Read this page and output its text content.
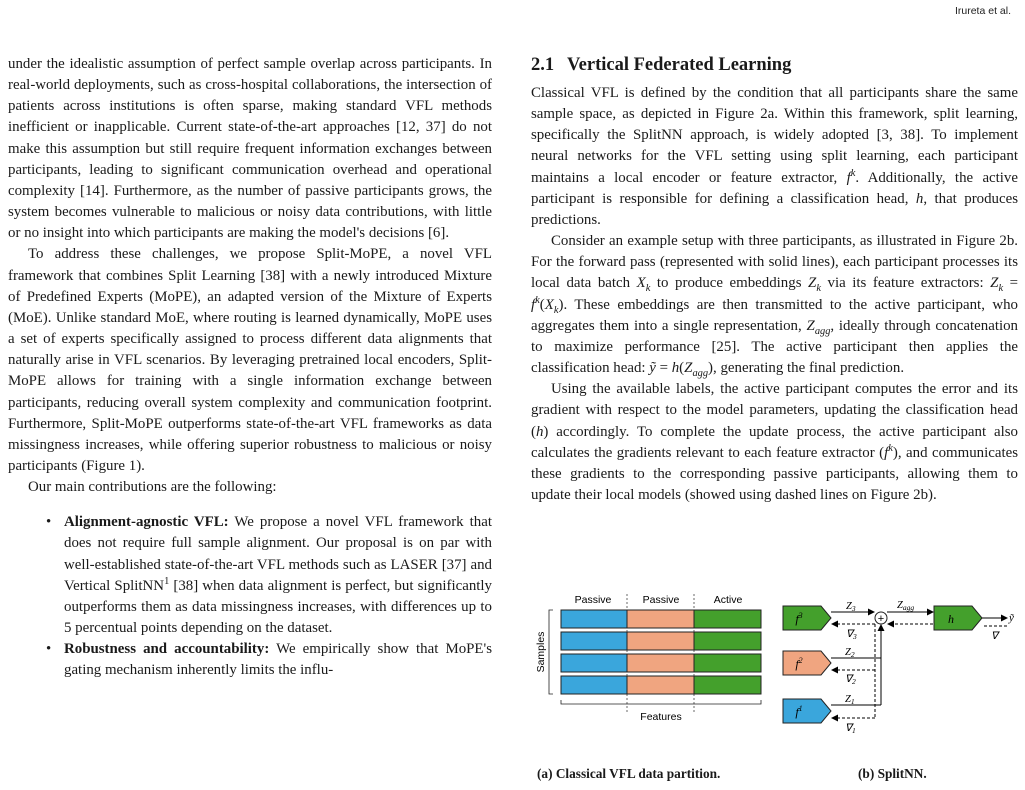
Irureta et al.

under the idealistic assumption of perfect sample overlap across participants. In real-world deployments, such as cross-hospital collaborations, the intersection of patients across institutions is often sparse, making standard VFL methods inefficient or inapplicable. Current state-of-the-art approaches [12, 37] do not make this assumption but still require frequent information exchanges between participants, leading to significant communication overhead and operational complexity [14]. Furthermore, as the number of passive participants grows, the system becomes vulnerable to malicious or noisy data contributions, with little or no insight into which participants are making the model's decisions [6].

To address these challenges, we propose Split-MoPE, a novel VFL framework that combines Split Learning [38] with a newly introduced Mixture of Predefined Experts (MoPE), an adapted version of the Mixture of Experts (MoE). Unlike standard MoE, where routing is learned dynamically, MoPE uses a set of experts specifically assigned to process different data alignments that naturally arise in VFL scenarios. By leveraging pretrained local encoders, Split-MoPE allows for training with a single information exchange between participants, reducing overall system complexity and communication footprint. Furthermore, Split-MoPE outperforms state-of-the-art VFL frameworks as data missingness increases, while offering superior robustness to malicious or noisy participants (Figure 1).

Our main contributions are the following:

• Alignment-agnostic VFL: We propose a novel VFL framework that does not require full sample alignment. Our proposal is on par with well-established state-of-the-art VFL methods such as LASER [37] and Vertical SplitNN$^1$ [38] when data alignment is perfect, but significantly outperforms them as data missingness increases, with differences up to 5 percentual points depending on the dataset.
• Robustness and accountability: We empirically show that MoPE's gating mechanism inherently limits the influ-
2.1 Vertical Federated Learning

Classical VFL is defined by the condition that all participants share the same sample space, as depicted in Figure 2a. Within this framework, split learning, specifically the SplitNN approach, is widely adopted [3, 38]. To implement neural networks for the VFL setting using split learning, each participant maintains a local encoder or feature extractor, $f^k$. Additionally, the active participant is responsible for defining a classification head, h, that produces predictions.

Consider an example setup with three participants, as illustrated in Figure 2b. For the forward pass (represented with solid lines), each participant processes its local data batch $X_k$ to produce embeddings $Z_k$ via its feature extractors: $Z_k = f^k(X_k)$. These embeddings are then transmitted to the active participant, who aggregates them into a single representation, $Z_{agg}$, ideally through concatenation to maximize performance [25]. The active participant then applies the classification head: ỹ = $h(Z_{agg})$, generating the final prediction.

Using the available labels, the active participant computes the error and its gradient with respect to the model parameters, updating the classification head (h) accordingly. To complete the update process, the active participant also calculates the gradients relevant to each feature extractor $(f^k)$, and communicates these gradients to the corresponding passive participants, allowing them to update their local models (showed using dashed lines on Figure 2b).

Passive	Passive	Active
Samples
Features
$f^3$
$f^2$
$f^1$
h
+
Z3
∇3
Z2
∇2
Z1
∇1
Zagg
ỹ
∇
(a) Classical VFL data partition.	(b) SplitNN.
